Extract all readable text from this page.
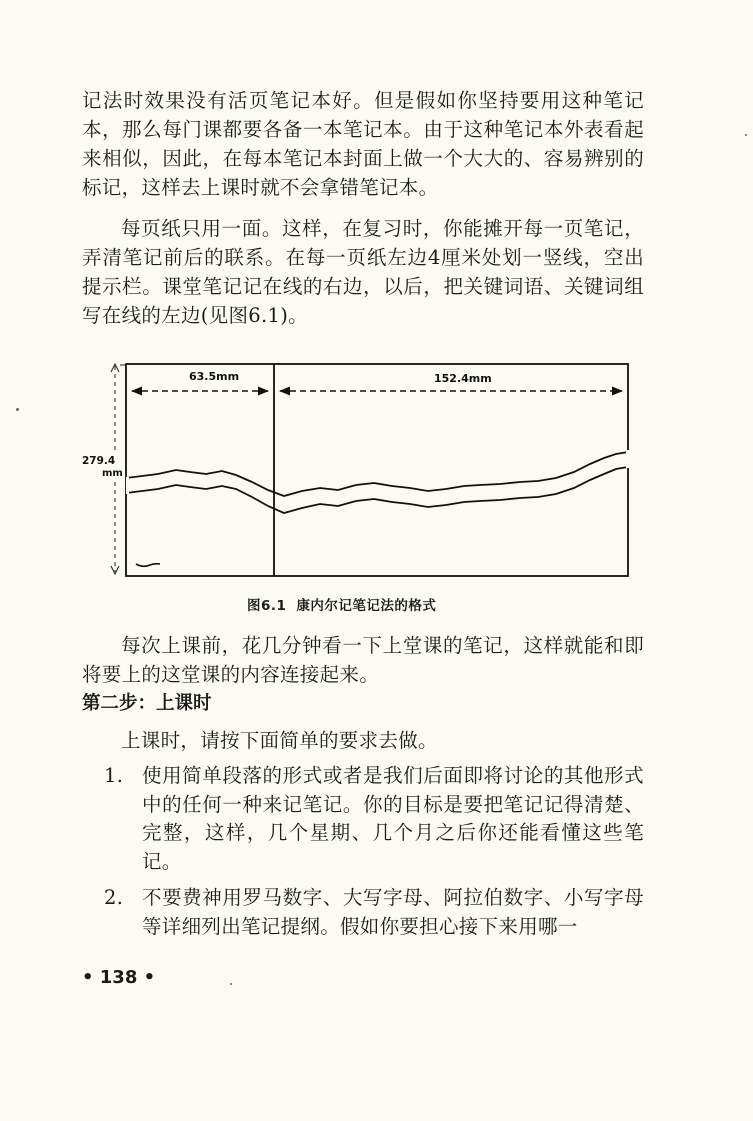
记法时效果没有活页笔记本好。但是假如你坚持要用这种笔记本，那么每门课都要各备一本笔记本。由于这种笔记本外表看起来相似，因此，在每本笔记本封面上做一个大大的、容易辨别的标记，这样去上课时就不会拿错笔记本。

每页纸只用一面。这样，在复习时，你能摊开每一页笔记，弄清笔记前后的联系。在每一页纸左边4厘米处划一竖线，空出提示栏。课堂笔记记在线的右边，以后，把关键词语、关键词组写在线的左边(见图6.1)。

63.5mm	152.4mm
279.4
mm
图6.1 康内尔记笔记法的格式

每次上课前，花几分钟看一下上堂课的笔记，这样就能和即将要上的这堂课的内容连接起来。

第二步：上课时

上课时，请按下面简单的要求去做。

1. 使用简单段落的形式或者是我们后面即将讨论的其他形式中的任何一种来记笔记。你的目标是要把笔记记得清楚、完整，这样，几个星期、几个月之后你还能看懂这些笔记。
2. 不要费神用罗马数字、大写字母、阿拉伯数字、小写字母等详细列出笔记提纲。假如你要担心接下来用哪一
• 138 •
